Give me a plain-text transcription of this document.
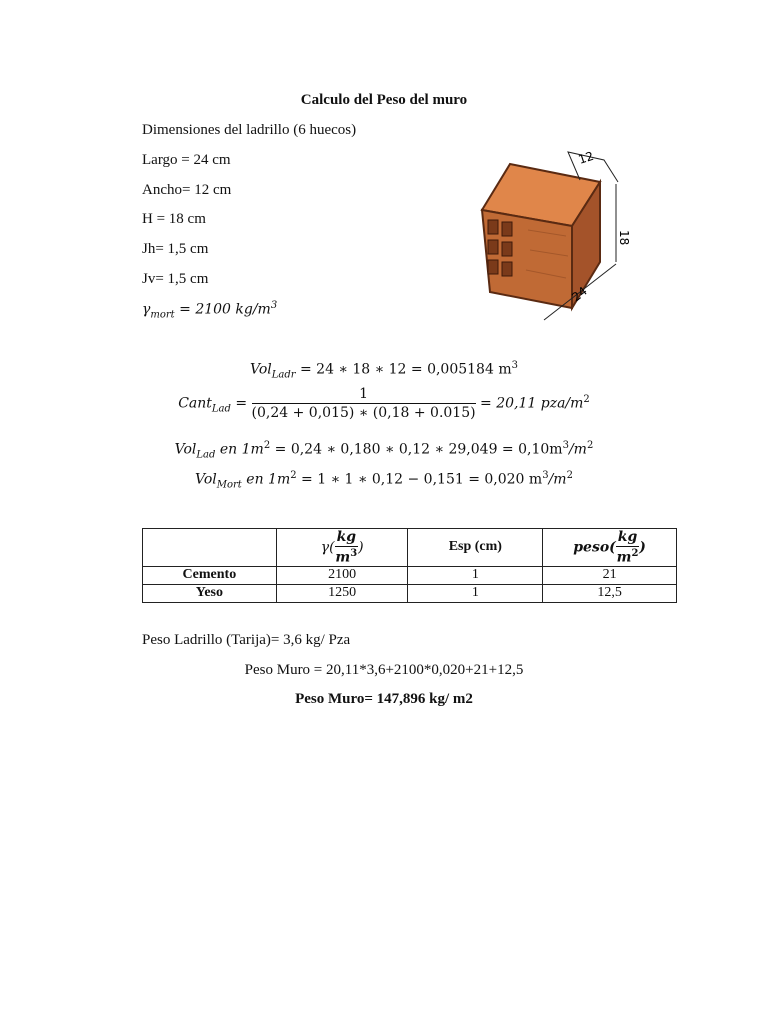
Calculo del Peso del muro
Dimensiones del ladrillo (6 huecos)
Largo = 24 cm
Ancho= 12 cm
H = 18 cm
Jh= 1,5 cm
Jv= 1,5 cm
$\gamma_{mort} = 2100$ $kg/m^3$
12
18
24
Vol$_{Ladr}$ = 24 ∗ 18 ∗ 12 = 0,005184 $m^3$
Cant$_{Lad}$ = $\frac{1}{(0,24 + 0,015) ∗ (0,18 + 0.015)} = 20,11$ pza/$m^2$
Vol$_{Lad}$ en $1m^2 = 0,24$ ∗ 0,180 ∗ 0,12 ∗ $29,049 = 0,10m^3/m^2$
Vol$_{Mort}$ en $1m^2 = 1$ ∗ 1 ∗ 0,12 − 0,151 = 0,020 $m^3/m^2$
	$\gamma( \frac{kg}{m^3}$ )	Esp (cm)	peso( $\frac{kg}{m^2}$ )
Cemento	2100	1	21
Yeso	1250	1	12,5
Peso Ladrillo (Tarija)= 3,6 kg/ Pza
Peso Muro = 20,11*3,6+2100*0,020+21+12,5
Peso Muro= 147,896 kg/ m2
